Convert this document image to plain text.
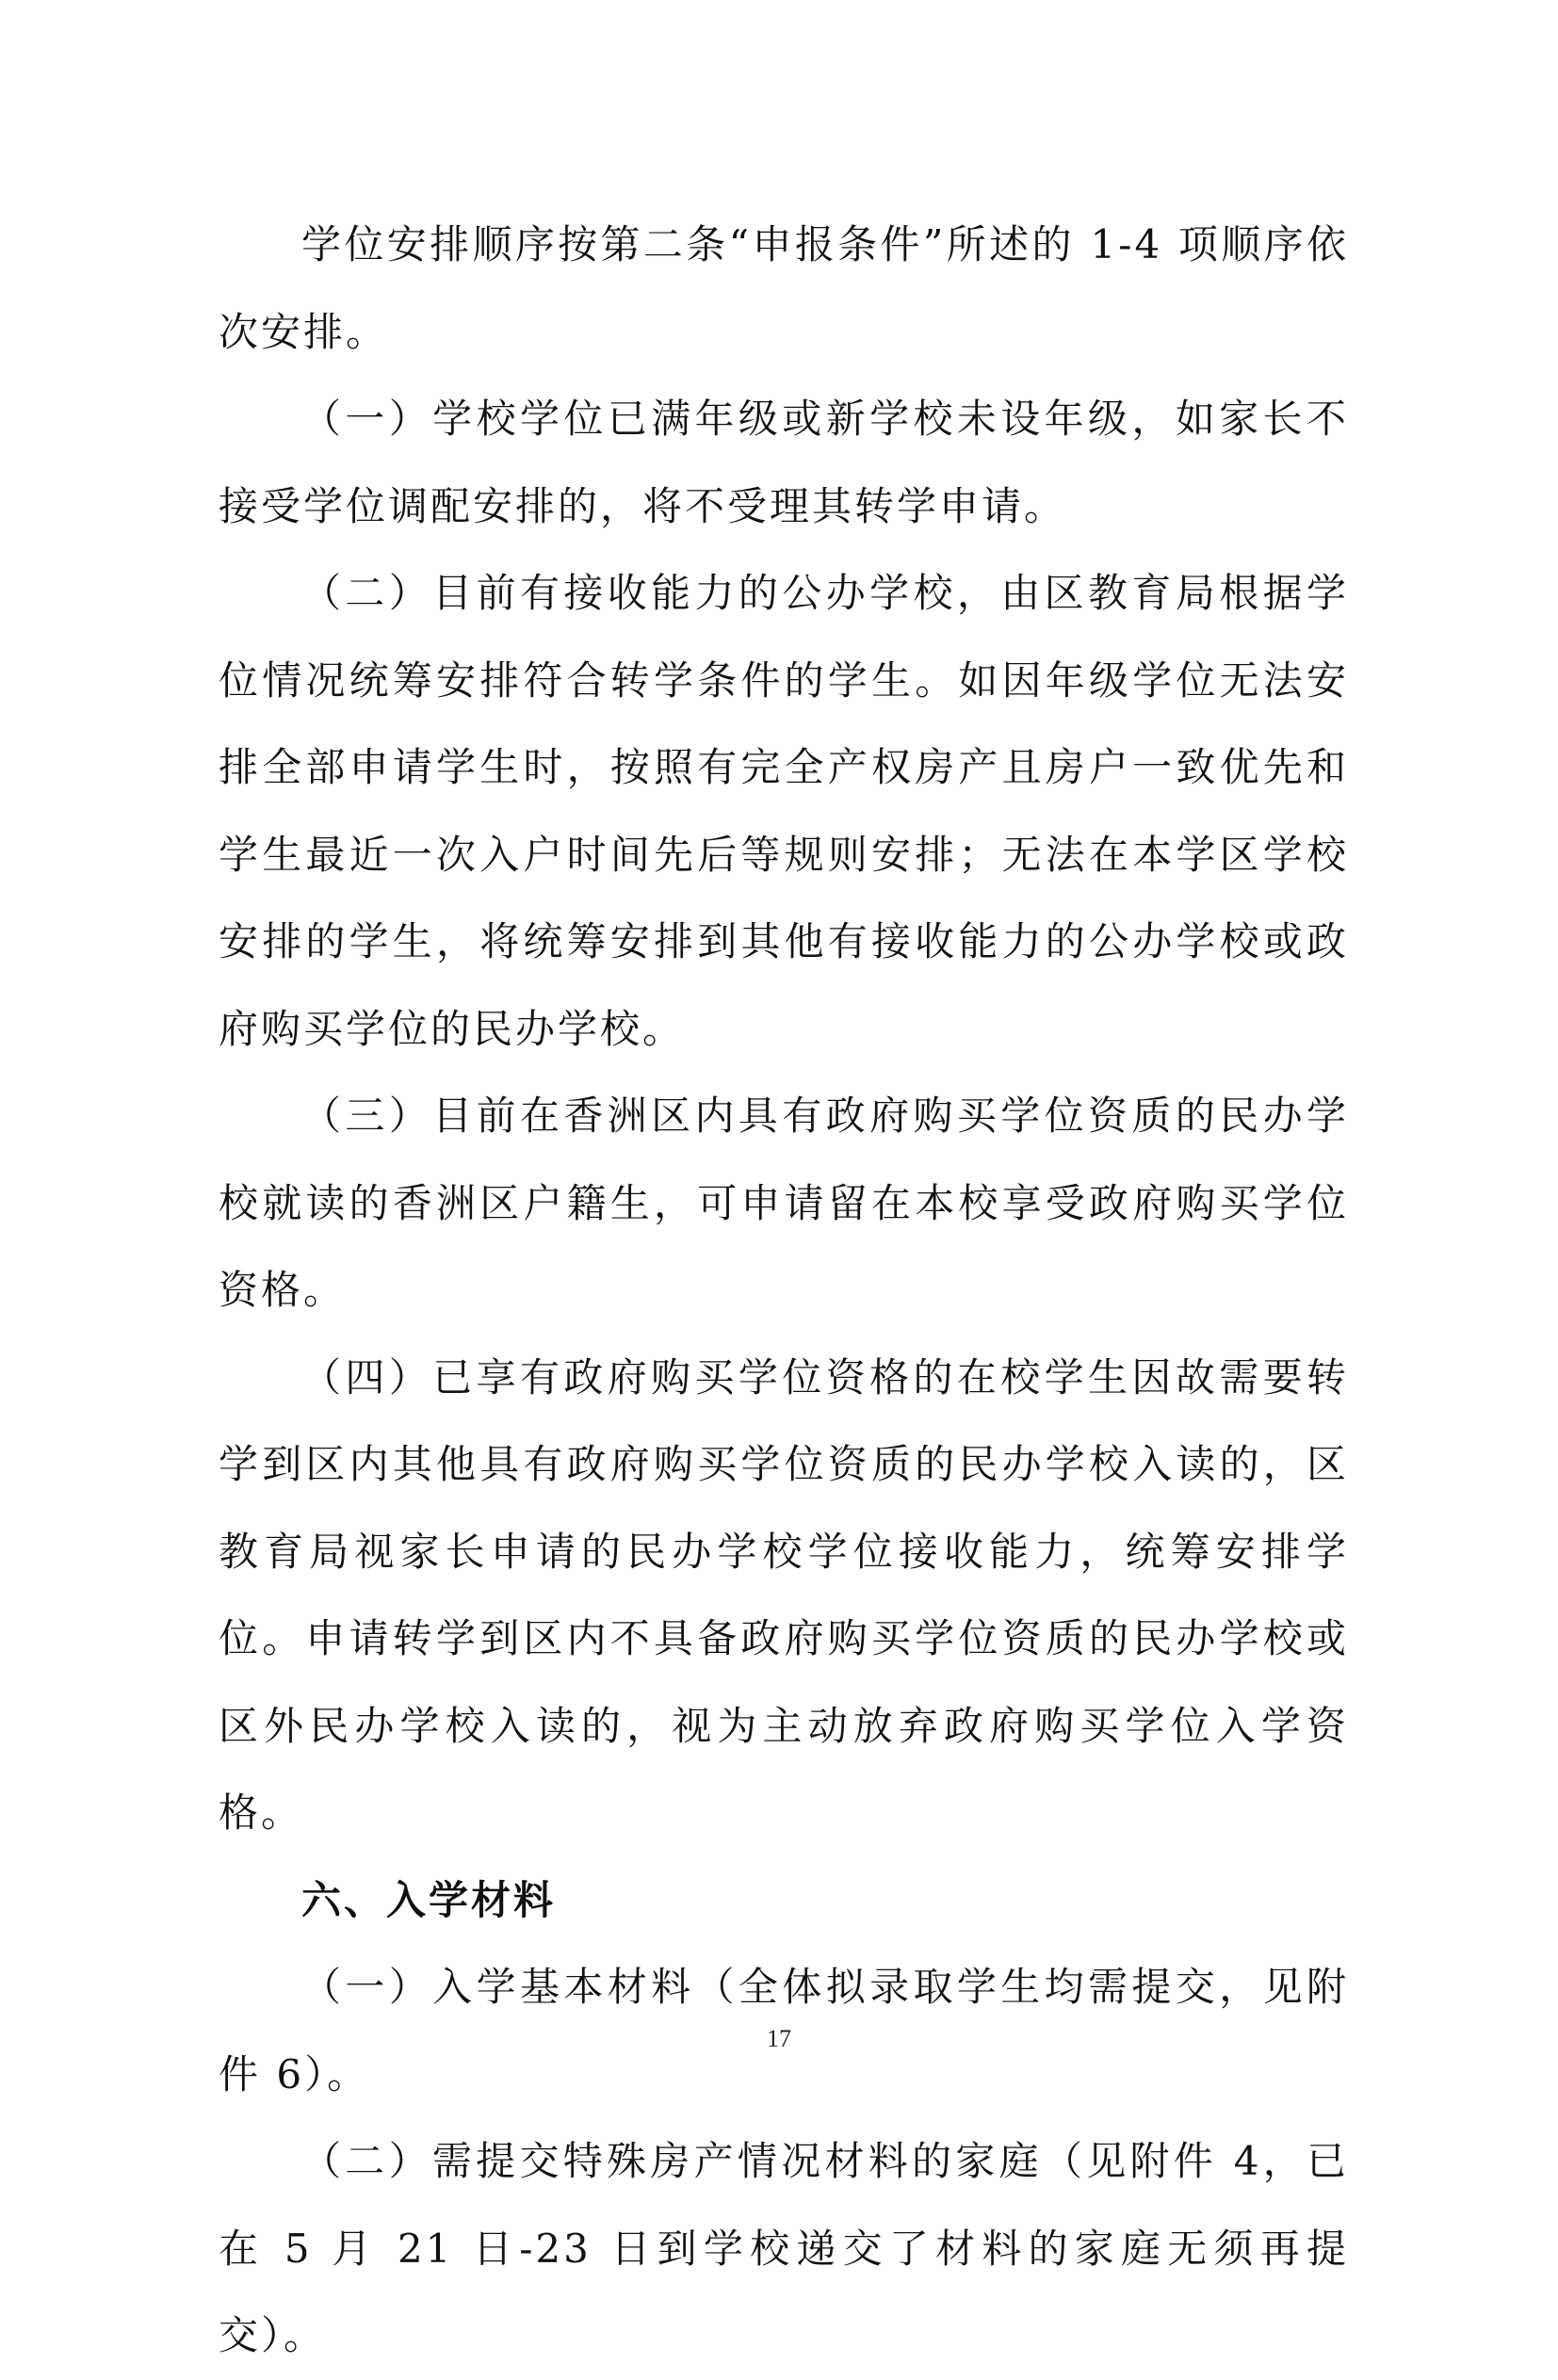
学位安排顺序按第二条“申报条件”所述的 1-4 项顺序依次安排。

（一）学校学位已满年级或新学校未设年级，如家长不接受学位调配安排的，将不受理其转学申请。

（二）目前有接收能力的公办学校，由区教育局根据学位情况统筹安排符合转学条件的学生。如因年级学位无法安排全部申请学生时，按照有完全产权房产且房户一致优先和学生最近一次入户时间先后等规则安排；无法在本学区学校安排的学生，将统筹安排到其他有接收能力的公办学校或政府购买学位的民办学校。

（三）目前在香洲区内具有政府购买学位资质的民办学校就读的香洲区户籍生，可申请留在本校享受政府购买学位资格。

（四）已享有政府购买学位资格的在校学生因故需要转学到区内其他具有政府购买学位资质的民办学校入读的，区教育局视家长申请的民办学校学位接收能力，统筹安排学位。申请转学到区内不具备政府购买学位资质的民办学校或区外民办学校入读的，视为主动放弃政府购买学位入学资格。

六、入学材料

（一）入学基本材料（全体拟录取学生均需提交，见附件 6）。

（二）需提交特殊房产情况材料的家庭（见附件 4，已在 5 月 21 日-23 日到学校递交了材料的家庭无须再提交）。

17
